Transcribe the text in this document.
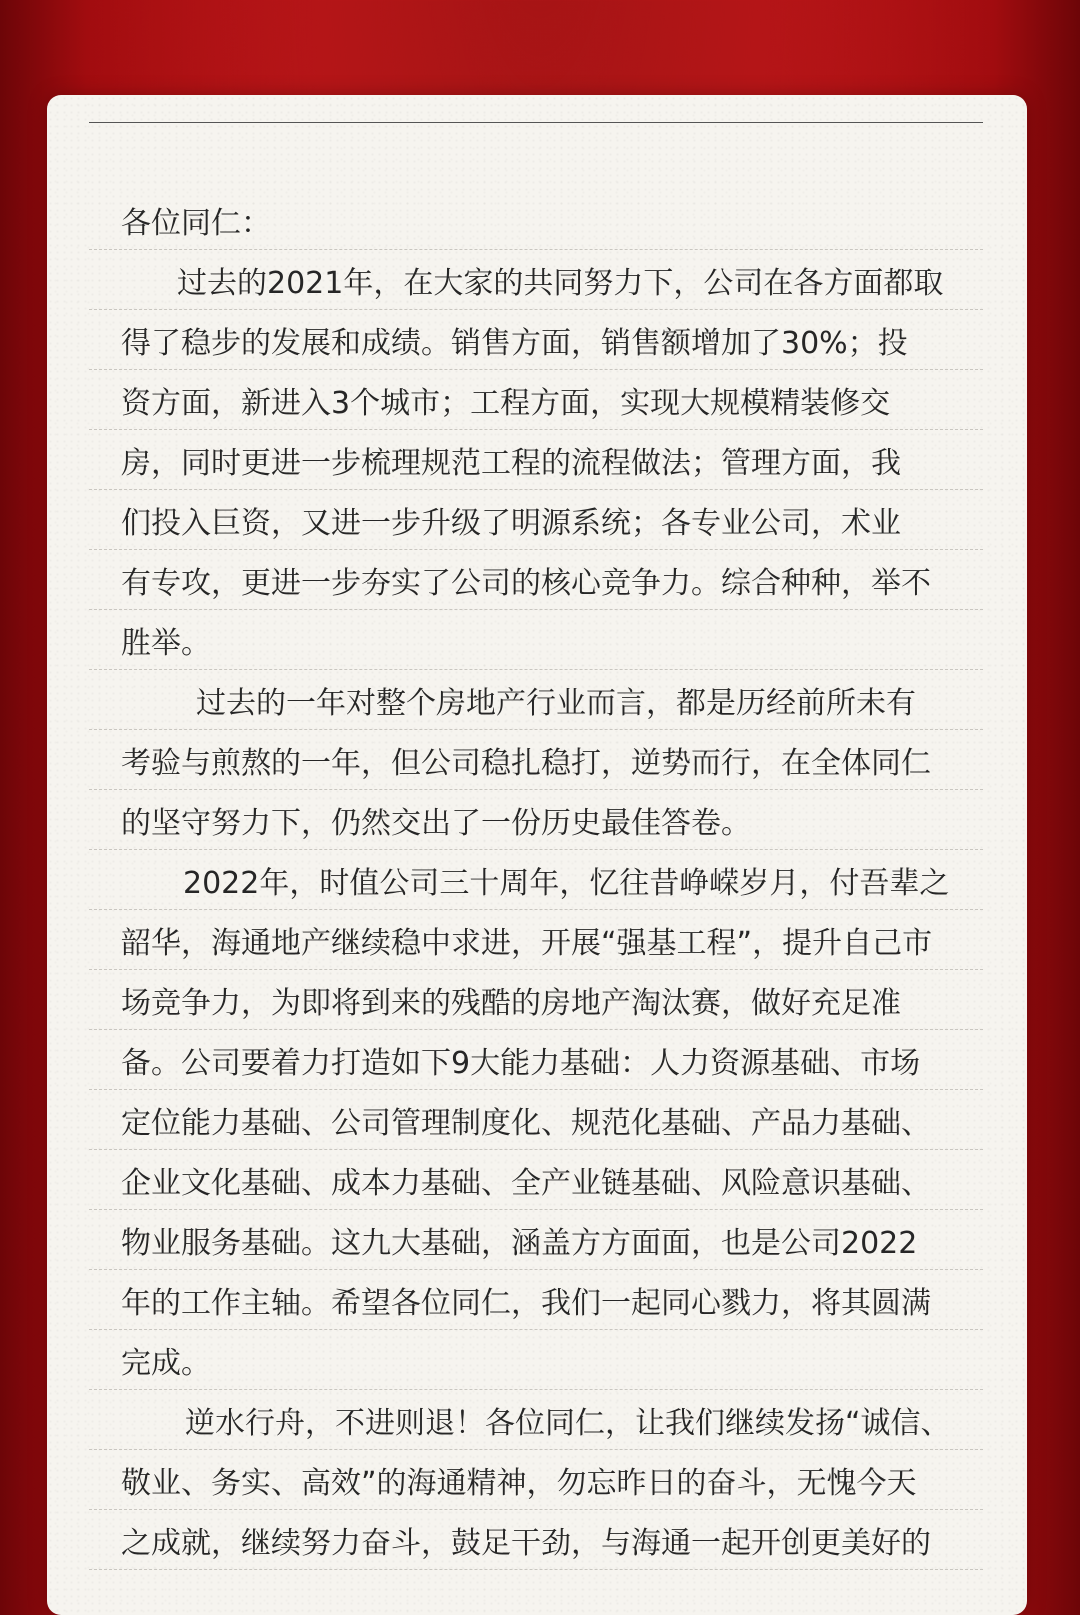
各位同仁：
过去的2021年，在大家的共同努力下，公司在各方面都取
得了稳步的发展和成绩。销售方面，销售额增加了30%；投
资方面，新进入3个城市；工程方面，实现大规模精装修交
房，同时更进一步梳理规范工程的流程做法；管理方面，我
们投入巨资，又进一步升级了明源系统；各专业公司，术业
有专攻，更进一步夯实了公司的核心竞争力。综合种种，举不
胜举。
过去的一年对整个房地产行业而言，都是历经前所未有
考验与煎熬的一年，但公司稳扎稳打，逆势而行，在全体同仁
的坚守努力下，仍然交出了一份历史最佳答卷。
2022年，时值公司三十周年，忆往昔峥嵘岁月，付吾辈之
韶华，海通地产继续稳中求进，开展“强基工程”，提升自己市
场竞争力，为即将到来的残酷的房地产淘汰赛，做好充足准
备。公司要着力打造如下9大能力基础：人力资源基础、市场
定位能力基础、公司管理制度化、规范化基础、产品力基础、
企业文化基础、成本力基础、全产业链基础、风险意识基础、
物业服务基础。这九大基础，涵盖方方面面，也是公司2022
年的工作主轴。希望各位同仁，我们一起同心戮力，将其圆满
完成。
逆水行舟，不进则退！各位同仁，让我们继续发扬“诚信、
敬业、务实、高效”的海通精神，勿忘昨日的奋斗，无愧今天
之成就，继续努力奋斗，鼓足干劲，与海通一起开创更美好的
